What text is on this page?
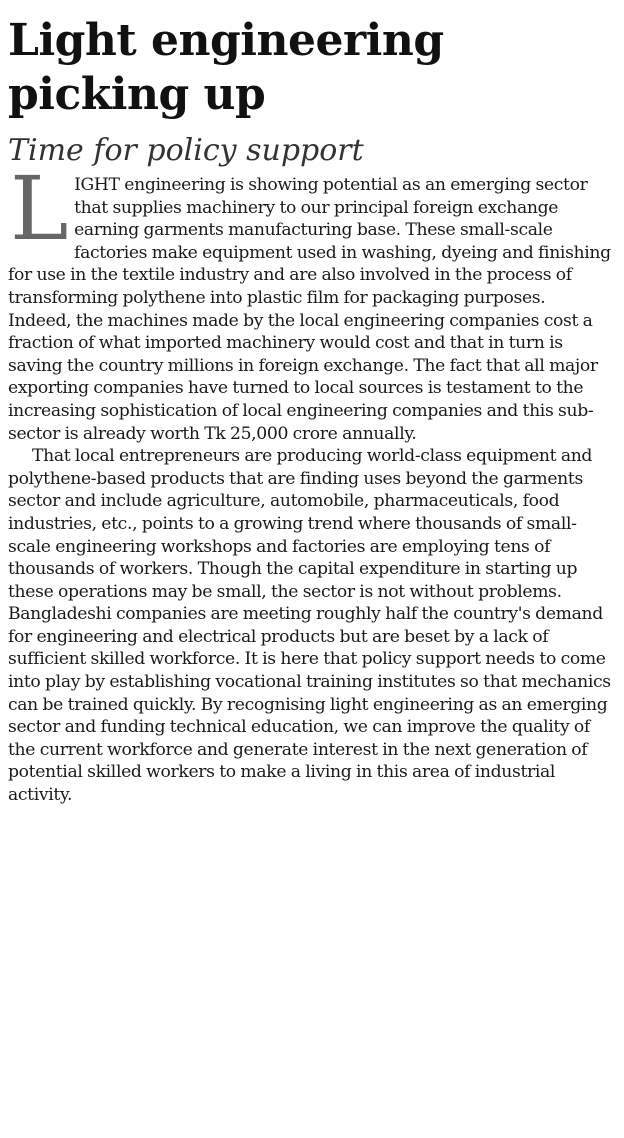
Light engineering
picking up
Time for policy support

LIGHT engineering is showing potential as an emerging sector that supplies machinery to our principal foreign exchange earning garments manufacturing base. These small-scale factories make equipment used in washing, dyeing and finishing for use in the textile industry and are also involved in the process of transforming polythene into plastic film for packaging purposes. Indeed, the machines made by the local engineering companies cost a fraction of what imported machinery would cost and that in turn is saving the country millions in foreign exchange. The fact that all major exporting companies have turned to local sources is testament to the increasing sophistication of local engineering companies and this sub-sector is already worth Tk 25,000 crore annually.

That local entrepreneurs are producing world-class equipment and polythene-based products that are finding uses beyond the garments sector and include agriculture, automobile, pharmaceuticals, food industries, etc., points to a growing trend where thousands of small-scale engineering workshops and factories are employing tens of thousands of workers. Though the capital expenditure in starting up these operations may be small, the sector is not without problems. Bangladeshi companies are meeting roughly half the country's demand for engineering and electrical products but are beset by a lack of sufficient skilled workforce. It is here that policy support needs to come into play by establishing vocational training institutes so that mechanics can be trained quickly. By recognising light engineering as an emerging sector and funding technical education, we can improve the quality of the current workforce and generate interest in the next generation of potential skilled workers to make a living in this area of industrial activity.
